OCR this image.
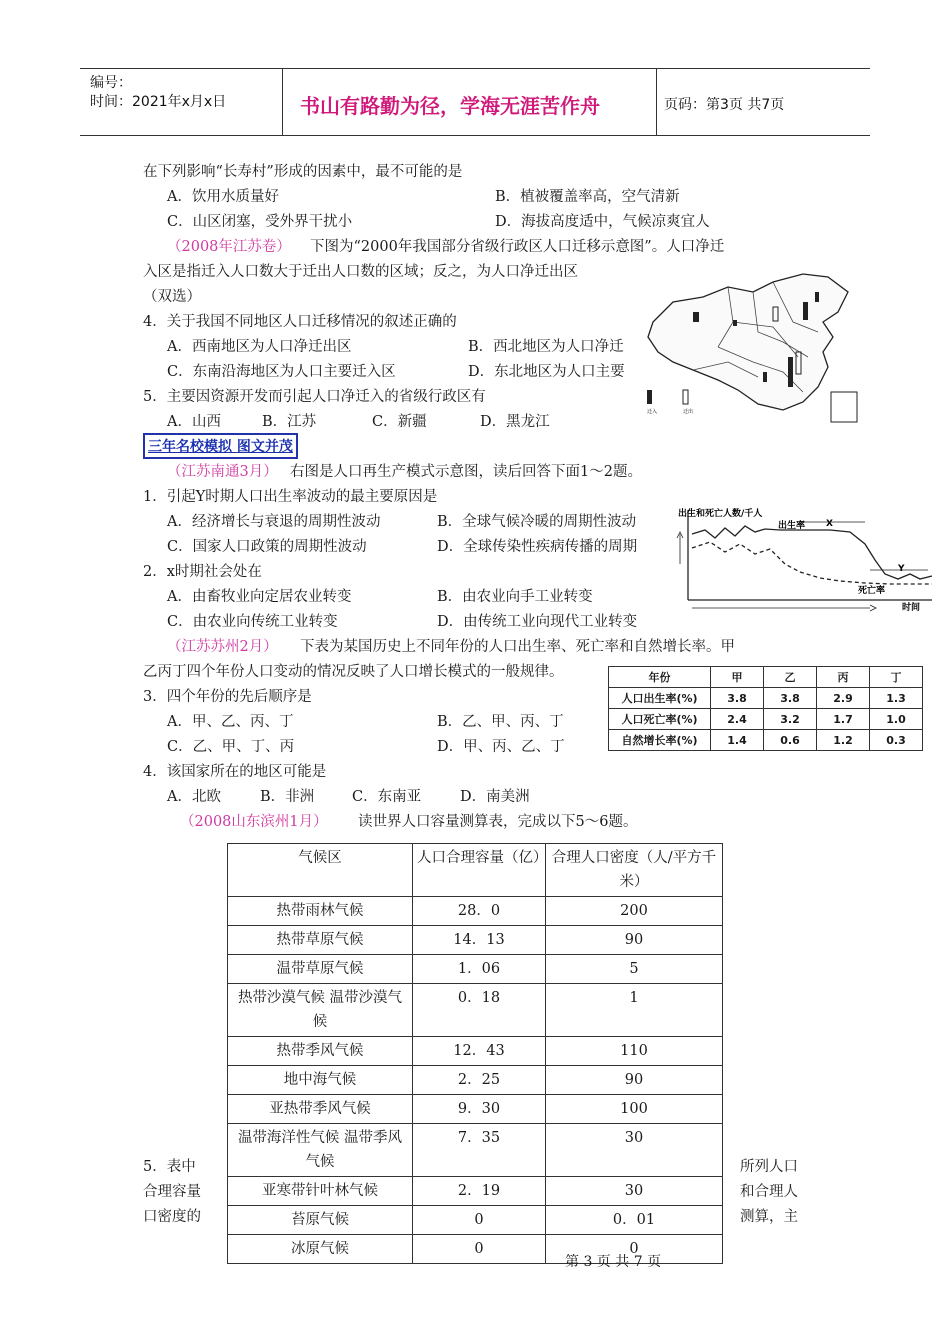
编号：
时间：2021年x月x日	书山有路勤为径，学海无涯苦作舟	页码：第3页 共7页
在下列影响“长寿村”形成的因素中，最不可能的是
A．饮用水质量好	B．植被覆盖率高，空气清新
C．山区闭塞，受外界干扰小	D．海拔高度适中，气候凉爽宜人
（2008年江苏卷） 下图为“2000年我国部分省级行政区人口迁移示意图”。人口净迁
入区是指迁入人口数大于迁出人口数的区域；反之，为人口净迁出区
（双选）
4．关于我国不同地区人口迁移情况的叙述正确的
A．西南地区为人口净迁出区	B．西北地区为人口净迁
C．东南沿海地区为人口主要迁入区	D．东北地区为人口主要
5．主要因资源开发而引起人口净迁入的省级行政区有
A．山西	B．江苏	C．新疆	D．黑龙江
迁入	迁出
三年名校模拟 图文并茂
（江苏南通3月） 右图是人口再生产模式示意图，读后回答下面1～2题。
1．引起Y时期人口出生率波动的最主要原因是
A．经济增长与衰退的周期性波动	B．全球气候冷暖的周期性波动
C．国家人口政策的周期性波动	D．全球传染性疾病传播的周期
2．x时期社会处在
A．由畜牧业向定居农业转变	B．由农业向手工业转变
C．由农业向传统工业转变	D．由传统工业向现代工业转变
出生和死亡人数/千人
出生率
死亡率
时间
X
Y
（江苏苏州2月） 下表为某国历史上不同年份的人口出生率、死亡率和自然增长率。甲
乙丙丁四个年份人口变动的情况反映了人口增长模式的一般规律。
3．四个年份的先后顺序是
A．甲、乙、丙、丁	B．乙、甲、丙、丁
C．乙、甲、丁、丙	D．甲、丙、乙、丁
4．该国家所在的地区可能是
A．北欧	B．非洲	C．东南亚	D．南美洲
年份	甲	乙	丙	丁
人口出生率(%)	3.8	3.8	2.9	1.3
人口死亡率(%)	2.4	3.2	1.7	1.0
自然增长率(%)	1.4	0.6	1.2	0.3
（2008山东滨州1月） 读世界人口容量测算表，完成以下5～6题。
气候区	人口合理容量（亿）	合理人口密度（人/平方千米）
热带雨林气候	28．0	200
热带草原气候	14．13	90
温带草原气候	1．06	5
热带沙漠气候 温带沙漠气候	0．18	1
热带季风气候	12．43	110
地中海气候	2．25	90
亚热带季风气候	9．30	100
温带海洋性气候 温带季风气候	7．35	30
亚寒带针叶林气候	2．19	30
苔原气候	0	0．01
冰原气候	0	0
5．表中
合理容量
口密度的
所列人口
和合理人
测算，主
第 3 页 共 7 页
